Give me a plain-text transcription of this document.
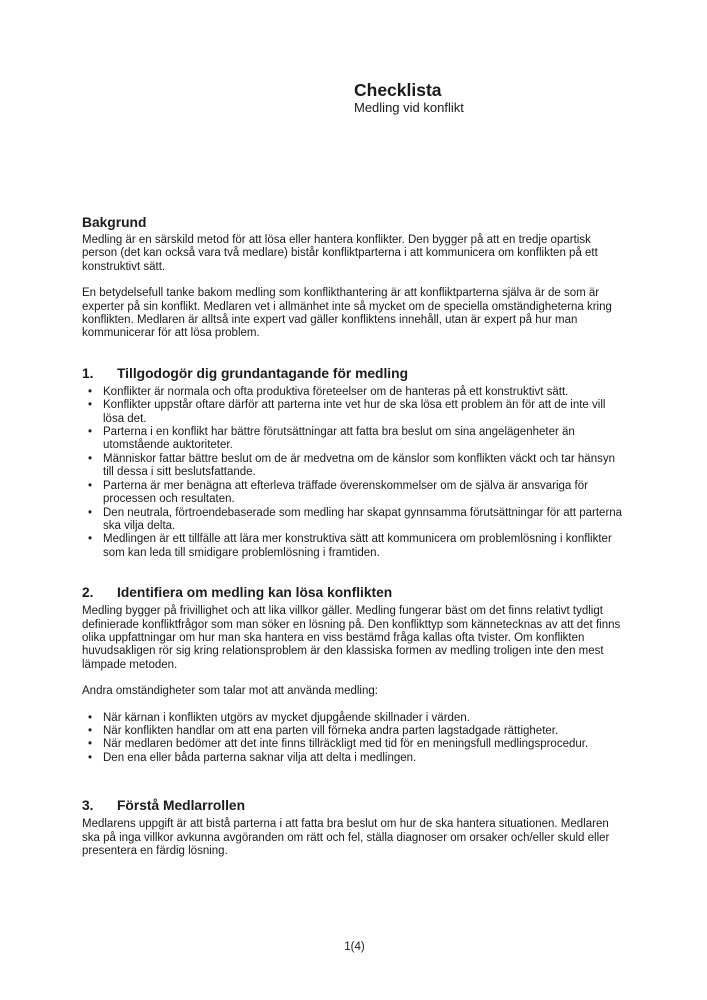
Checklista
Medling vid konflikt
Bakgrund

Medling är en särskild metod för att lösa eller hantera konflikter. Den bygger på att en tredje opartisk person (det kan också vara två medlare) bistår konfliktparterna i att kommunicera om konflikten på ett konstruktivt sätt.

En betydelsefull tanke bakom medling som konflikthantering är att konfliktparterna själva är de som är experter på sin konflikt. Medlaren vet i allmänhet inte så mycket om de speciella omständigheterna kring konflikten. Medlaren är alltså inte expert vad gäller konfliktens innehåll, utan är expert på hur man kommunicerar för att lösa problem.

1.	Tillgodogör dig grundantagande för medling
•
Konflikter är normala och ofta produktiva företeelser om de hanteras på ett konstruktivt sätt.
•
Konflikter uppstår oftare därför att parterna inte vet hur de ska lösa ett problem än för att de inte vill lösa det.
•
Parterna i en konflikt har bättre förutsättningar att fatta bra beslut om sina angelägenheter än utomstående auktoriteter.
•
Människor fattar bättre beslut om de är medvetna om de känslor som konflikten väckt och tar hänsyn till dessa i sitt beslutsfattande.
•
Parterna är mer benägna att efterleva träffade överenskommelser om de själva är ansvariga för processen och resultaten.
•
Den neutrala, förtroendebaserade som medling har skapat gynnsamma förutsättningar för att parterna ska vilja delta.
•
Medlingen är ett tillfälle att lära mer konstruktiva sätt att kommunicera om problemlösning i konflikter som kan leda till smidigare problemlösning i framtiden.
2.	Identifiera om medling kan lösa konflikten

Medling bygger på frivillighet och att lika villkor gäller. Medling fungerar bäst om det finns relativt tydligt definierade konfliktfrågor som man söker en lösning på. Den konflikttyp som kännetecknas av att det finns olika uppfattningar om hur man ska hantera en viss bestämd fråga kallas ofta tvister. Om konflikten huvudsakligen rör sig kring relationsproblem är den klassiska formen av medling troligen inte den mest lämpade metoden.

Andra omständigheter som talar mot att använda medling:

•
När kärnan i konflikten utgörs av mycket djupgående skillnader i värden.
•
När konflikten handlar om att ena parten vill förneka andra parten lagstadgade rättigheter.
•
När medlaren bedömer att det inte finns tillräckligt med tid för en meningsfull medlingsprocedur.
•
Den ena eller båda parterna saknar vilja att delta i medlingen.
3.	Förstå Medlarrollen

Medlarens uppgift är att bistå parterna i att fatta bra beslut om hur de ska hantera situationen. Medlaren ska på inga villkor avkunna avgöranden om rätt och fel, ställa diagnoser om orsaker och/eller skuld eller presentera en färdig lösning.

1(4)
